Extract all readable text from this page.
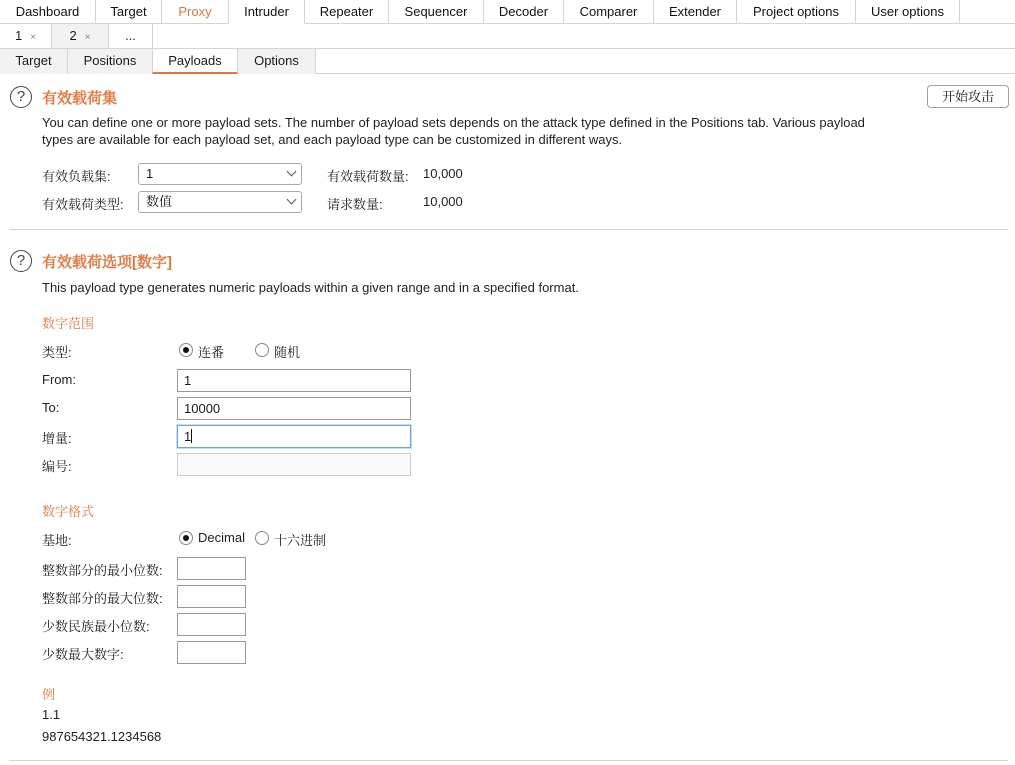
Dashboard	Target	Proxy	Intruder	Repeater	Sequencer	Decoder	Comparer	Extender	Project options	User options
1 ×	2 ×	...
Target	Positions	Payloads	Options
?	有效载荷集	开始攻击
You can define one or more payload sets. The number of payload sets depends on the attack type defined in the Positions tab. Various payload
types are available for each payload set, and each payload type can be customized in different ways.
有效负载集:	1	有效载荷数量: 10,000
有效载荷类型:	数值	请求数量:	10,000
?	有效载荷选项[数字]
This payload type generates numeric payloads within a given range and in a specified format.
数字范围
类型:	连番	随机
From:	1
To:	10000
增量:	1
编号:
数字格式
基地:	Decimal 十六进制
整数部分的最小位数:
整数部分的最大位数:
少数民族最小位数:
少数最大数字:
例
1.1
987654321.1234568
